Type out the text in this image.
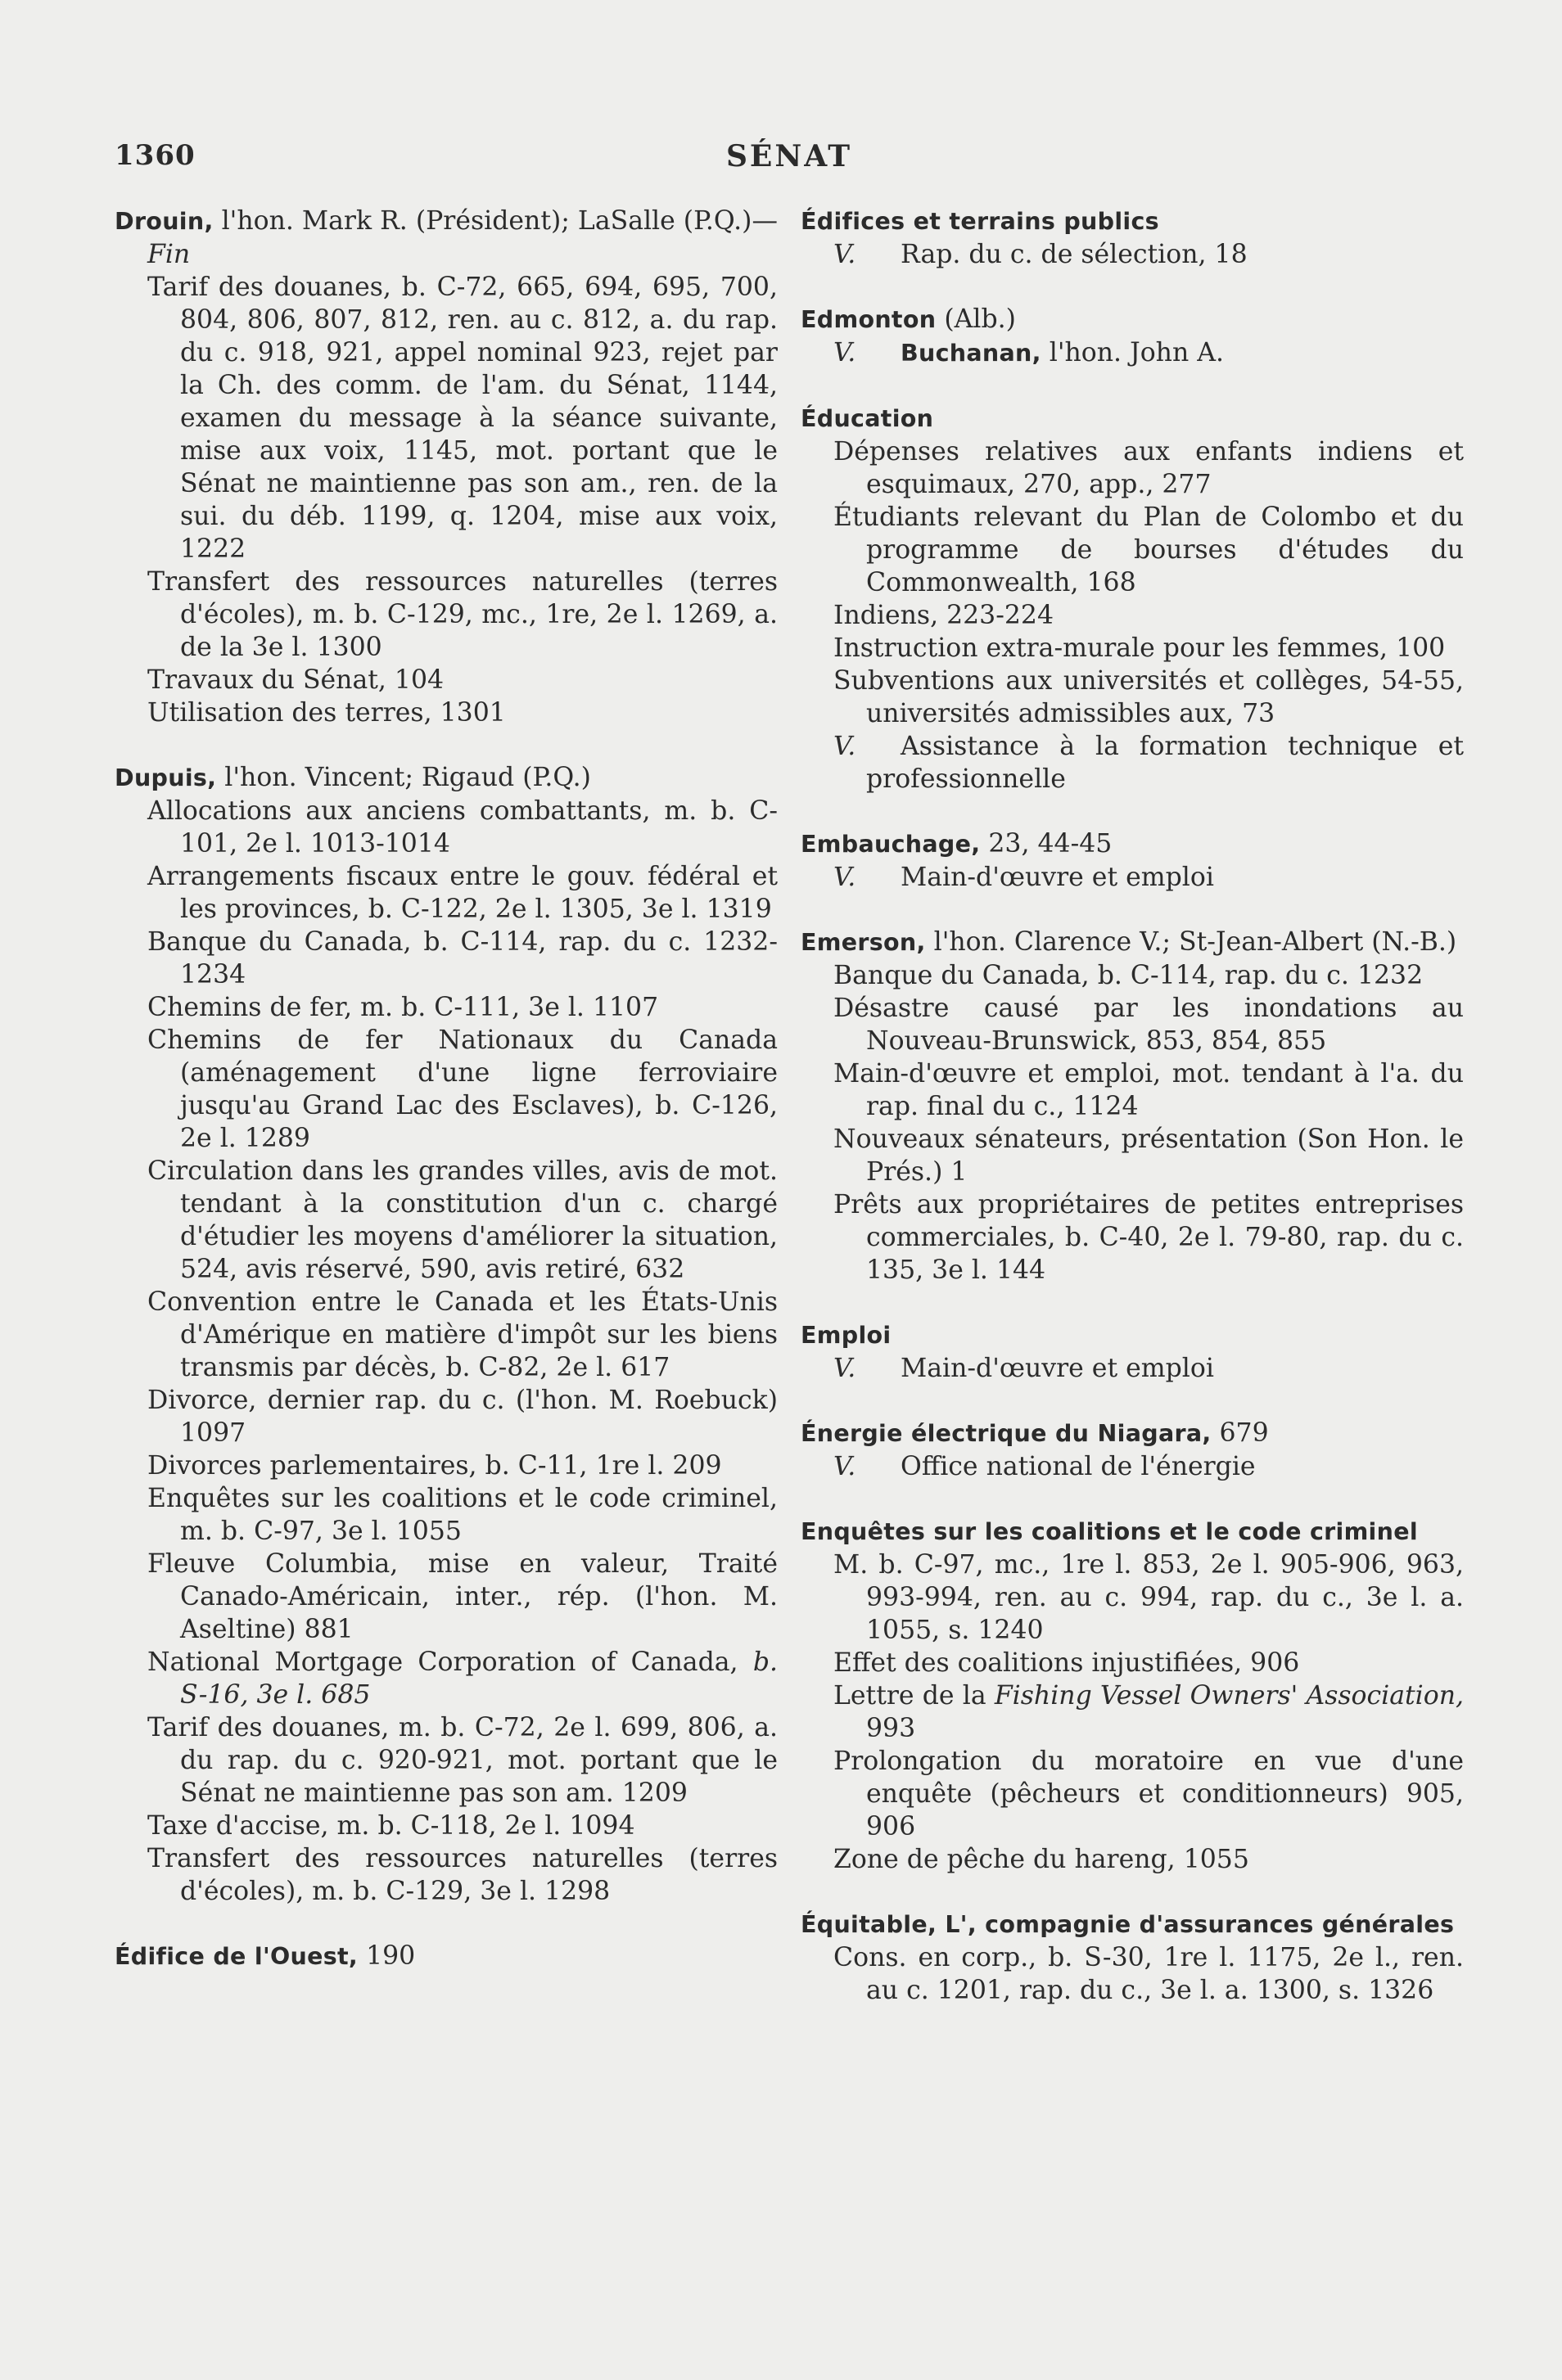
1360	SÉNAT
Drouin, l'hon. Mark R. (Président); LaSalle (P.Q.)—Fin
Tarif des douanes, b. C-72, 665, 694, 695, 700, 804, 806, 807, 812, ren. au c. 812, a. du rap. du c. 918, 921, appel nominal 923, rejet par la Ch. des comm. de l'am. du Sénat, 1144, examen du message à la séance suivante, mise aux voix, 1145, mot. portant que le Sénat ne maintienne pas son am., ren. de la sui. du déb. 1199, q. 1204, mise aux voix, 1222
Transfert des ressources naturelles (terres d'écoles), m. b. C-129, mc., 1re, 2e l. 1269, a. de la 3e l. 1300
Travaux du Sénat, 104
Utilisation des terres, 1301
Dupuis, l'hon. Vincent; Rigaud (P.Q.)
Allocations aux anciens combattants, m. b. C-101, 2e l. 1013-1014
Arrangements fiscaux entre le gouv. fédéral et les provinces, b. C-122, 2e l. 1305, 3e l. 1319
Banque du Canada, b. C-114, rap. du c. 1232-1234
Chemins de fer, m. b. C-111, 3e l. 1107
Chemins de fer Nationaux du Canada (aménagement d'une ligne ferroviaire jusqu'au Grand Lac des Esclaves), b. C-126, 2e l. 1289
Circulation dans les grandes villes, avis de mot. tendant à la constitution d'un c. chargé d'étudier les moyens d'améliorer la situation, 524, avis réservé, 590, avis retiré, 632
Convention entre le Canada et les États-Unis d'Amérique en matière d'impôt sur les biens transmis par décès, b. C-82, 2e l. 617
Divorce, dernier rap. du c. (l'hon. M. Roebuck) 1097
Divorces parlementaires, b. C-11, 1re l. 209
Enquêtes sur les coalitions et le code criminel, m. b. C-97, 3e l. 1055
Fleuve Columbia, mise en valeur, Traité Canado-Américain, inter., rép. (l'hon. M. Aseltine) 881
National Mortgage Corporation of Canada, b. S-16, 3e l. 685
Tarif des douanes, m. b. C-72, 2e l. 699, 806, a. du rap. du c. 920-921, mot. portant que le Sénat ne maintienne pas son am. 1209
Taxe d'accise, m. b. C-118, 2e l. 1094
Transfert des ressources naturelles (terres d'écoles), m. b. C-129, 3e l. 1298
Édifice de l'Ouest, 190
Édifices et terrains publics
V. Rap. du c. de sélection, 18
Edmonton (Alb.)
V. Buchanan, l'hon. John A.
Éducation
Dépenses relatives aux enfants indiens et esquimaux, 270, app., 277
Étudiants relevant du Plan de Colombo et du programme de bourses d'études du Commonwealth, 168
Indiens, 223-224
Instruction extra-murale pour les femmes, 100
Subventions aux universités et collèges, 54-55, universités admissibles aux, 73
V. Assistance à la formation technique et professionnelle
Embauchage, 23, 44-45
V. Main-d'œuvre et emploi
Emerson, l'hon. Clarence V.; St-Jean-Albert (N.-B.)
Banque du Canada, b. C-114, rap. du c. 1232
Désastre causé par les inondations au Nouveau-Brunswick, 853, 854, 855
Main-d'œuvre et emploi, mot. tendant à l'a. du rap. final du c., 1124
Nouveaux sénateurs, présentation (Son Hon. le Prés.) 1
Prêts aux propriétaires de petites entreprises commerciales, b. C-40, 2e l. 79-80, rap. du c. 135, 3e l. 144
Emploi
V. Main-d'œuvre et emploi
Énergie électrique du Niagara, 679
V. Office national de l'énergie
Enquêtes sur les coalitions et le code criminel
M. b. C-97, mc., 1re l. 853, 2e l. 905-906, 963, 993-994, ren. au c. 994, rap. du c., 3e l. a. 1055, s. 1240
Effet des coalitions injustifiées, 906
Lettre de la Fishing Vessel Owners' Association, 993
Prolongation du moratoire en vue d'une enquête (pêcheurs et conditionneurs) 905, 906
Zone de pêche du hareng, 1055
Équitable, L', compagnie d'assurances générales
Cons. en corp., b. S-30, 1re l. 1175, 2e l., ren. au c. 1201, rap. du c., 3e l. a. 1300, s. 1326
